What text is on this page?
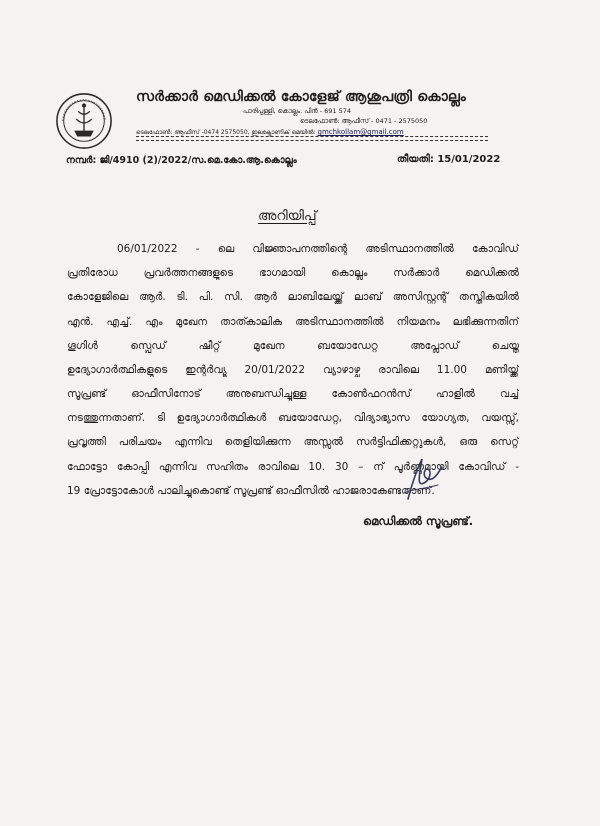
സർക്കാർ മെഡിക്കൽ കോളേജ് ആശുപത്രി കൊല്ലം
പാരിപ്പള്ളി, കൊല്ലം. പിൻ - 691 574
ടെലഫോൺ: ആഫീസ് - 0471 - 2575050
ടെലഫോൺ: ആഫീസ് -0474 2575050, ഇലക്ട്രോണിക് മെയിൽ: gmchkollam@gmail.com
നമ്പർ: ജി/4910 (2)/2022/സ.മെ.കോ.ആ.കൊല്ലം	തീയതി: 15/01/2022
അറിയിപ്പ്
06/01/2022 - ലെ വിജ്ഞാപനത്തിന്റെ അടിസ്ഥാനത്തിൽ കോവിഡ്
പ്രതിരോധ പ്രവർത്തനങ്ങളുടെ ഭാഗമായി കൊല്ലം സർക്കാർ മെഡിക്കൽ
കോളേജിലെ ആർ. ടി. പി. സി. ആർ ലാബിലേയ്ക്ക് ലാബ് അസിസ്റ്റന്റ് തസ്തികയിൽ
എൻ. എച്ച്. എം മുഖേന താത്കാലിക അടിസ്ഥാനത്തിൽ നിയമനം ലഭിക്കുന്നതിന്
ഗൂഗിൾ സ്പ്രെഡ് ഷീറ്റ് മുഖേന ബയോഡേറ്റ അപ്ലോഡ് ചെയ്ത
ഉദ്യോഗാർത്ഥികളുടെ ഇന്റർവ്യൂ 20/01/2022 വ്യാഴാഴ്ച രാവിലെ 11.00 മണിയ്ക്ക്
സൂപ്രണ്ട് ഓഫീസിനോട് അനുബന്ധിച്ചുള്ള കോൺഫറൻസ് ഹാളിൽ വച്ച്
നടത്തുന്നതാണ്. ടി ഉദ്യോഗാർത്ഥികൾ ബയോഡേറ്റ, വിദ്യാഭ്യാസ യോഗ്യത, വയസ്സ്,
പ്രവൃത്തി പരിചയം എന്നിവ തെളിയിക്കുന്ന അസ്സൽ സർട്ടിഫിക്കറ്റുകൾ, ഒരു സെറ്റ്
ഫോട്ടോ കോപ്പി എന്നിവ സഹിതം രാവിലെ 10. 30 – ന് പൂർണ്ണമായി കോവിഡ് -
19 പ്രോട്ടോകോൾ പാലിച്ചുകൊണ്ട് സൂപ്രണ്ട് ഓഫീസിൽ ഹാജരാകേണ്ടതാണ്.
മെഡിക്കൽ സൂപ്രണ്ട്.
